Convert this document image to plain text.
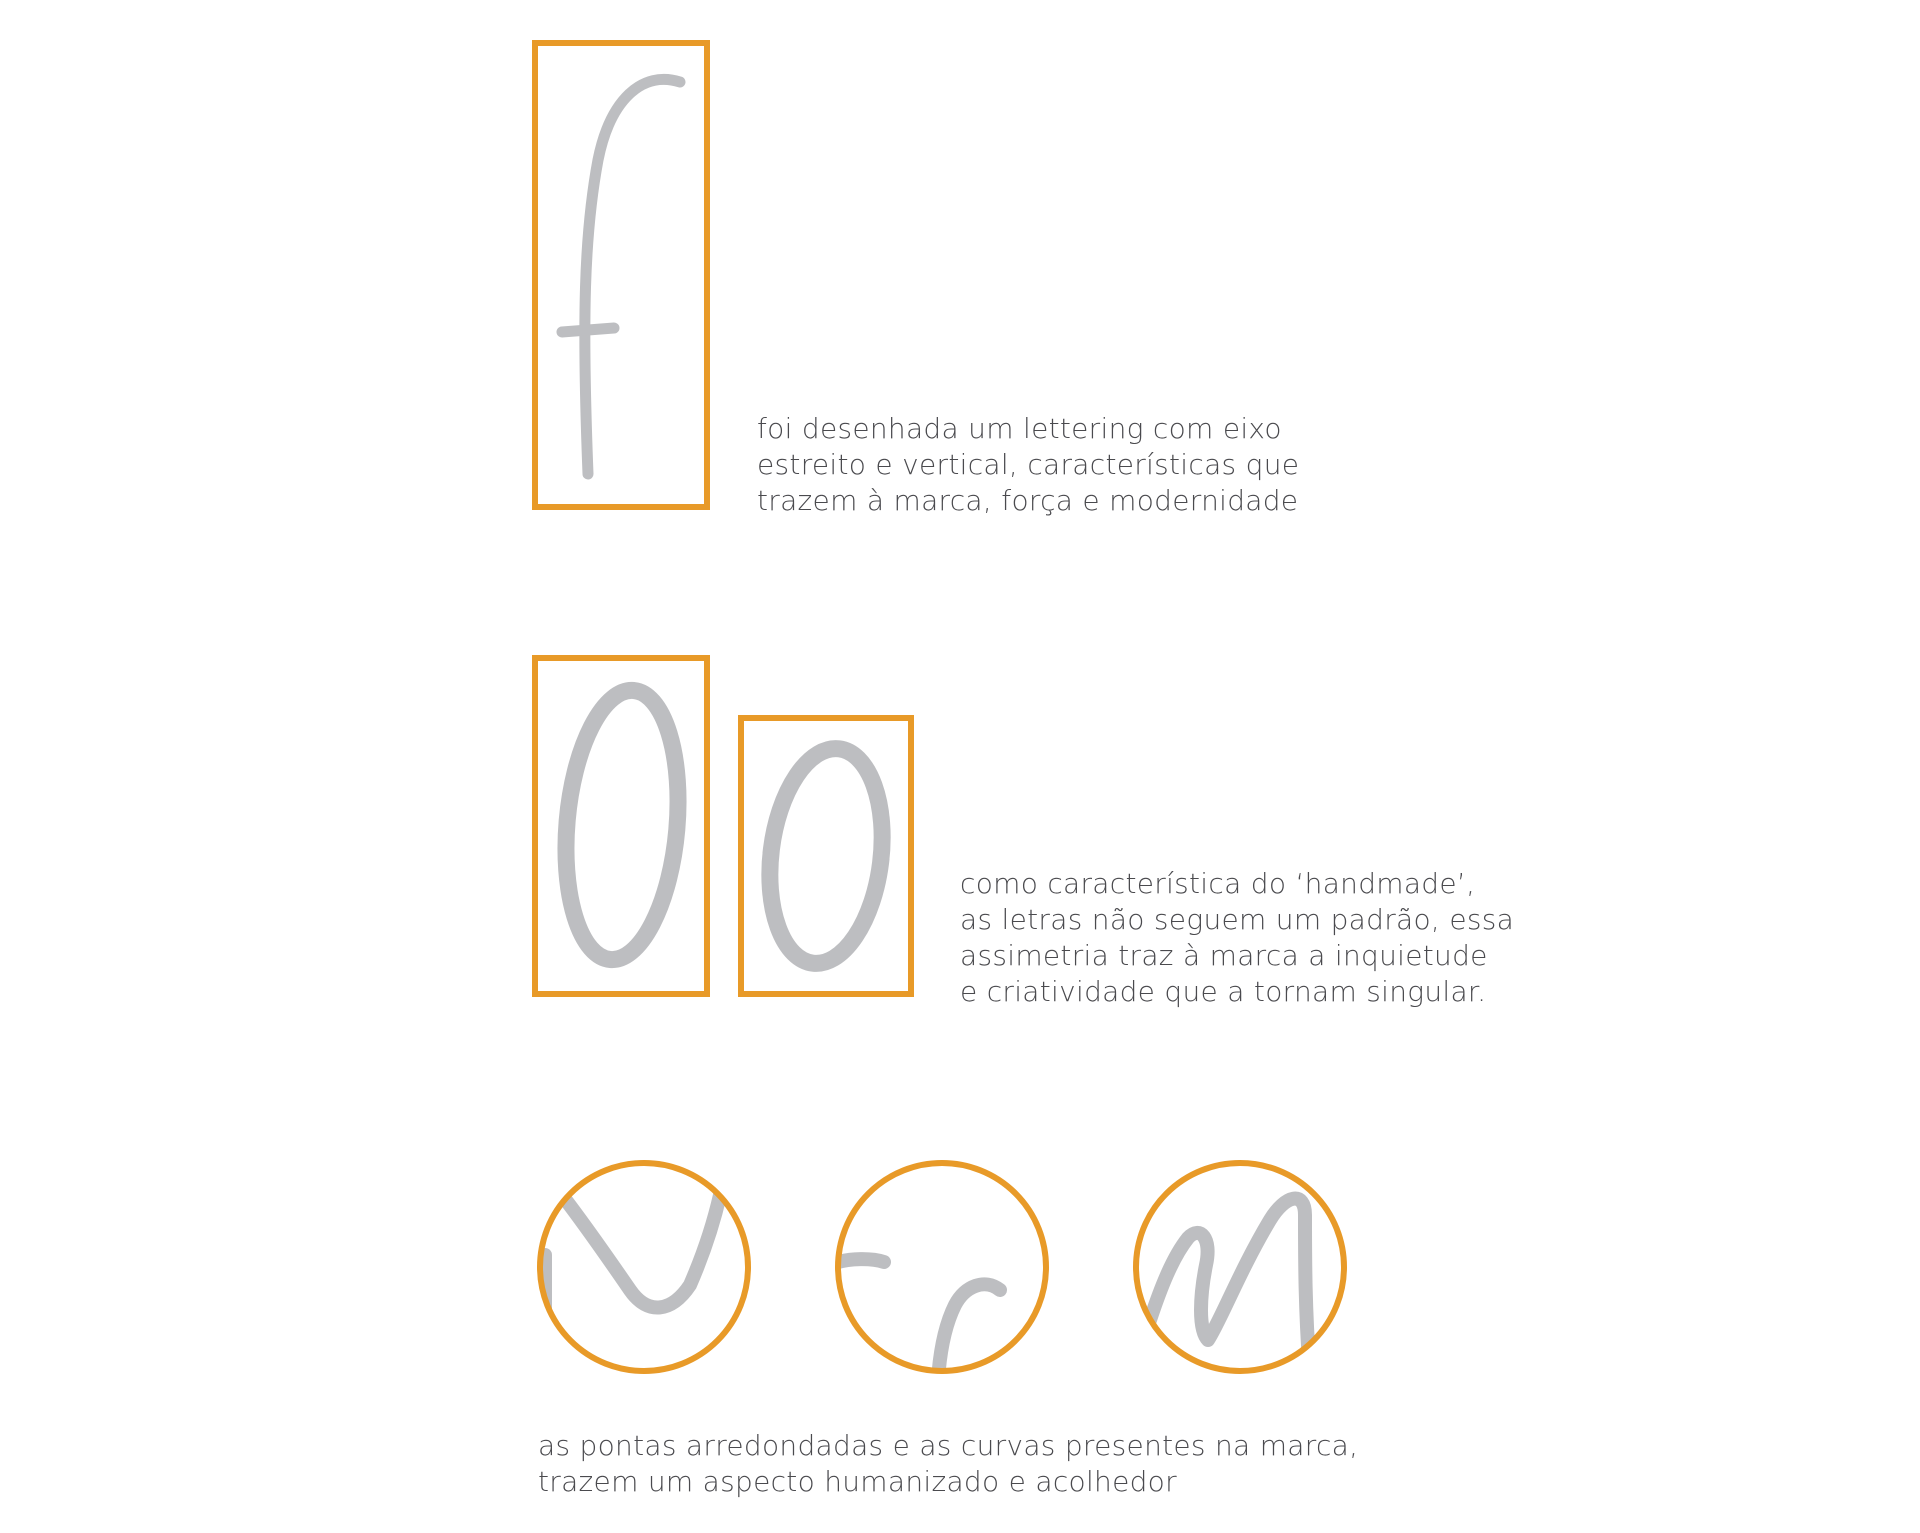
foi desenhada um lettering com eixo
estreito e vertical, características que
trazem à marca, força e modernidade

como característica do ‘handmade’,
as letras não seguem um padrão, essa
assimetria traz à marca a inquietude
e criatividade que a tornam singular.

as pontas arredondadas e as curvas presentes na marca,
trazem um aspecto humanizado e acolhedor
